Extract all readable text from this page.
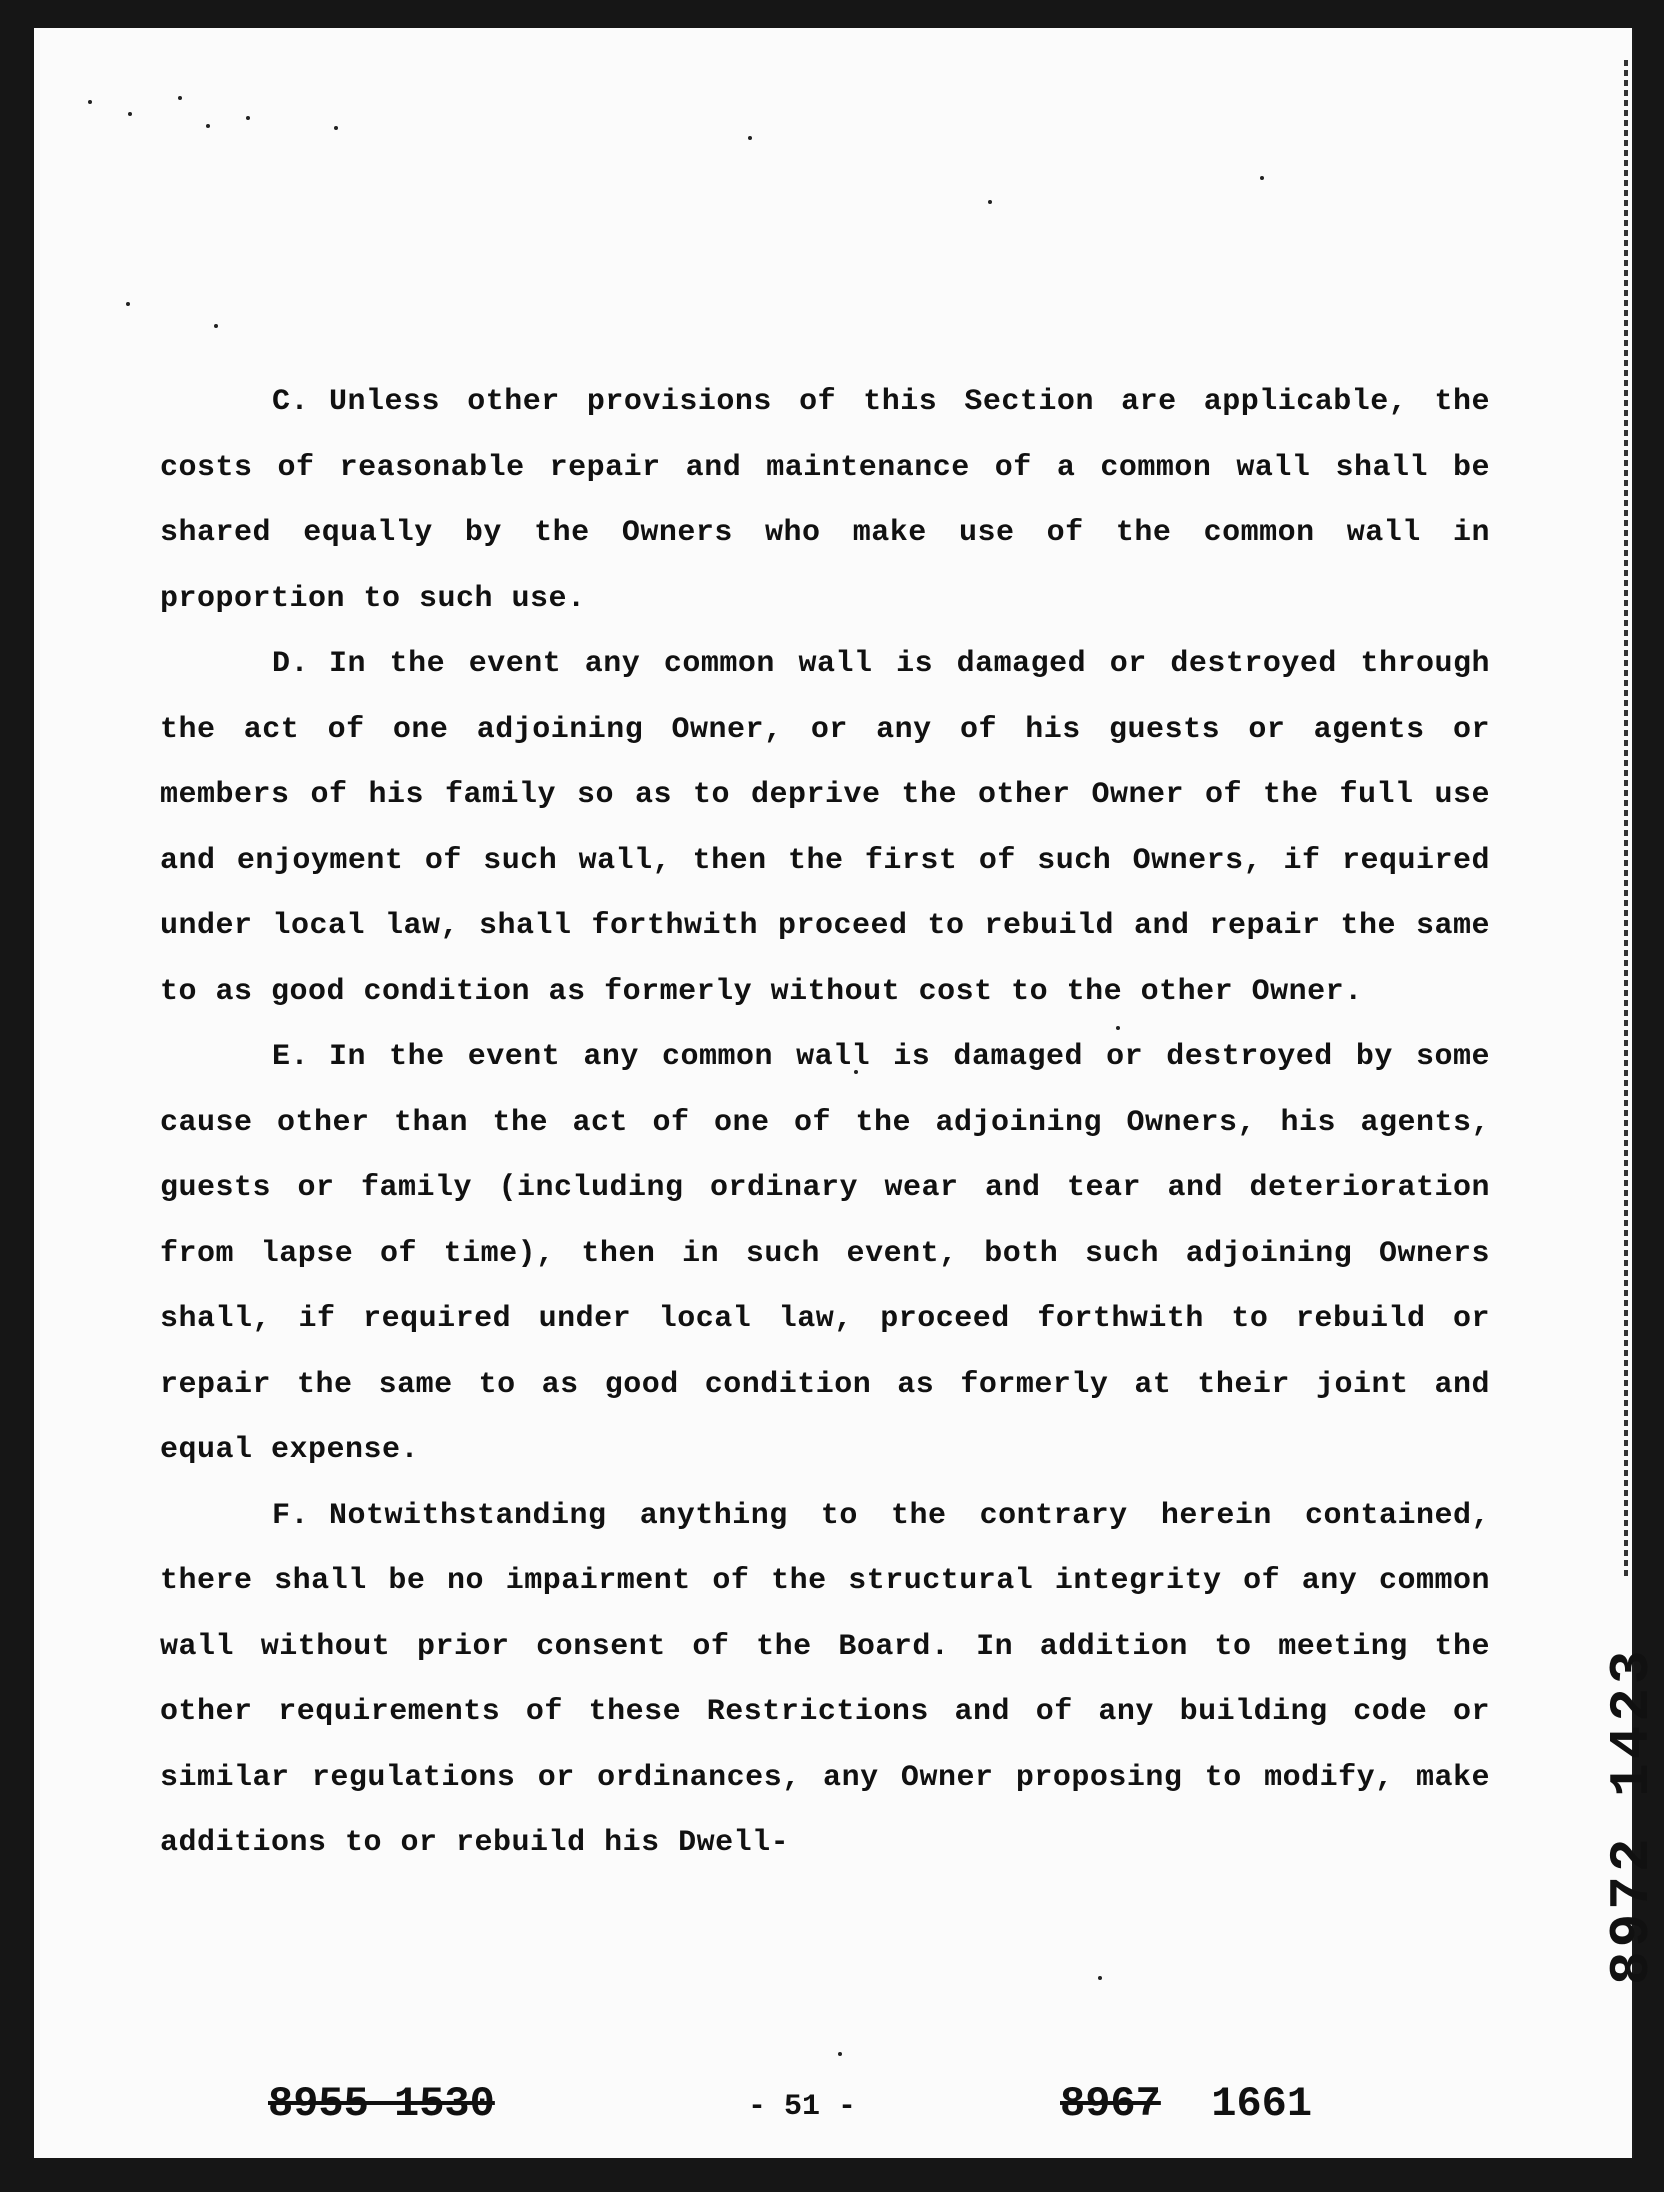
C. Unless other provisions of this Section are applicable, the costs of reasonable repair and maintenance of a common wall shall be shared equally by the Owners who make use of the common wall in proportion to such use.

D. In the event any common wall is damaged or destroyed through the act of one adjoining Owner, or any of his guests or agents or members of his family so as to deprive the other Owner of the full use and enjoyment of such wall, then the first of such Owners, if required under local law, shall forthwith proceed to rebuild and repair the same to as good condition as formerly without cost to the other Owner.

E. In the event any common wall is damaged or destroyed by some cause other than the act of one of the adjoining Owners, his agents, guests or family (including ordinary wear and tear and deterioration from lapse of time), then in such event, both such adjoining Owners shall, if required under local law, proceed forthwith to rebuild or repair the same to as good condition as formerly at their joint and equal expense.

F. Notwithstanding anything to the contrary herein contained, there shall be no impairment of the structural integrity of any common wall without prior consent of the Board. In addition to meeting the other requirements of these Restrictions and of any building code or similar regulations or ordinances, any Owner proposing to modify, make additions to or rebuild his Dwell-	8972 1423
8955 1530	- 51 -	8967 1661
